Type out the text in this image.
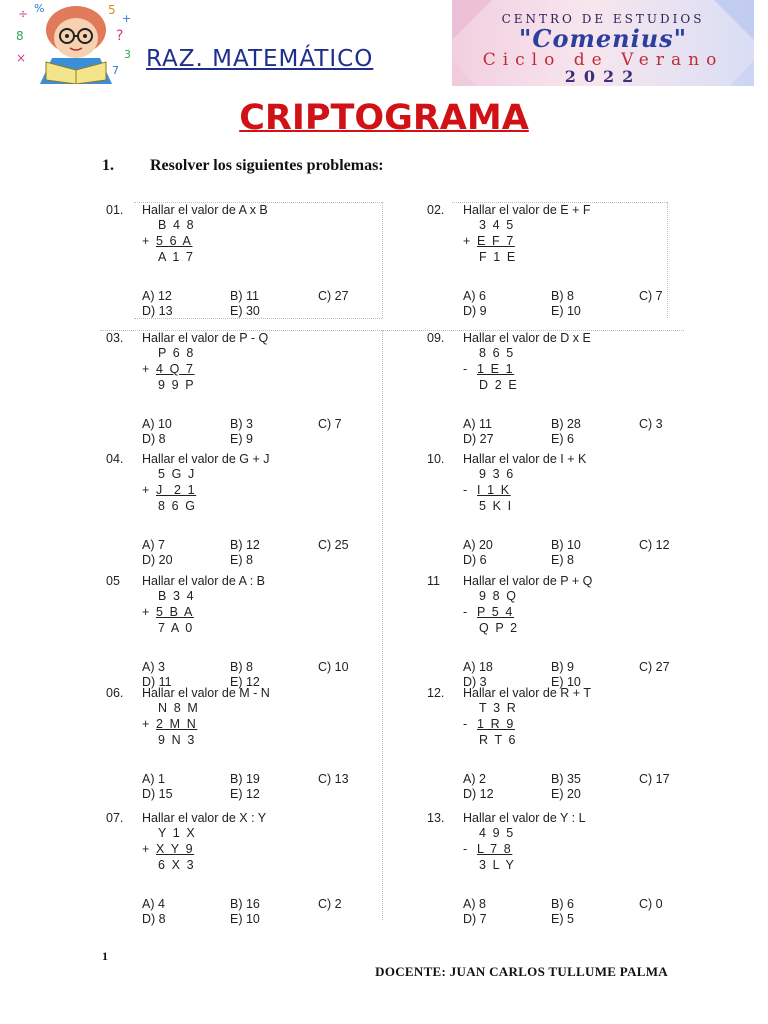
÷ %
8
×
5
+
?
3
7 RAZ. MATEMÁTICO
CENTRO DE ESTUDIOS
"Comenius"
Ciclo de Verano
2022
CRIPTOGRAMA
1. Resolver los siguientes problemas:
01. Hallar el valor de A x B
B 4 8
+ 5 6 A
A 1 7
A) 12	B) 11	C) 27
D) 13	E) 30
02. Hallar el valor de E + F
3 4 5
+ E F 7
F 1 E
A) 6	B) 8	C) 7
D) 9	E) 10
03. Hallar el valor de P - Q
P 6 8
+ 4 Q 7
9 9 P
A) 10	B) 3	C) 7
D) 8	E) 9
09. Hallar el valor de D x E
8 6 5
- 1 E 1
D 2 E
A) 11	B) 28	C) 3
D) 27	E) 6
04. Hallar el valor de G + J
5 G J
+ J  2 1
8 6 G
A) 7	B) 12	C) 25
D) 20	E) 8
10. Hallar el valor de I + K
9 3 6
- I 1 K
5 K I
A) 20	B) 10	C) 12
D) 6	E) 8
05 Hallar el valor de A : B
B 3 4
+ 5 B A
7 A 0
A) 3	B) 8	C) 10
D) 11	E) 12
11 Hallar el valor de P + Q
9 8 Q
- P 5 4
Q P 2
A) 18	B) 9	C) 27
D) 3	E) 10
06. Hallar el valor de M - N
N 8 M
+ 2 M N
9 N 3
A) 1	B) 19	C) 13
D) 15	E) 12
12. Hallar el valor de R + T
T 3 R
- 1 R 9
R T 6
A) 2	B) 35	C) 17
D) 12	E) 20
07. Hallar el valor de X : Y
Y 1 X
+ X Y 9
6 X 3
A) 4	B) 16	C) 2
D) 8	E) 10
13. Hallar el valor de Y : L
4 9 5
- L 7 8
3 L Y
A) 8	B) 6	C) 0
D) 7	E) 5
1
DOCENTE: JUAN CARLOS TULLUME PALMA
